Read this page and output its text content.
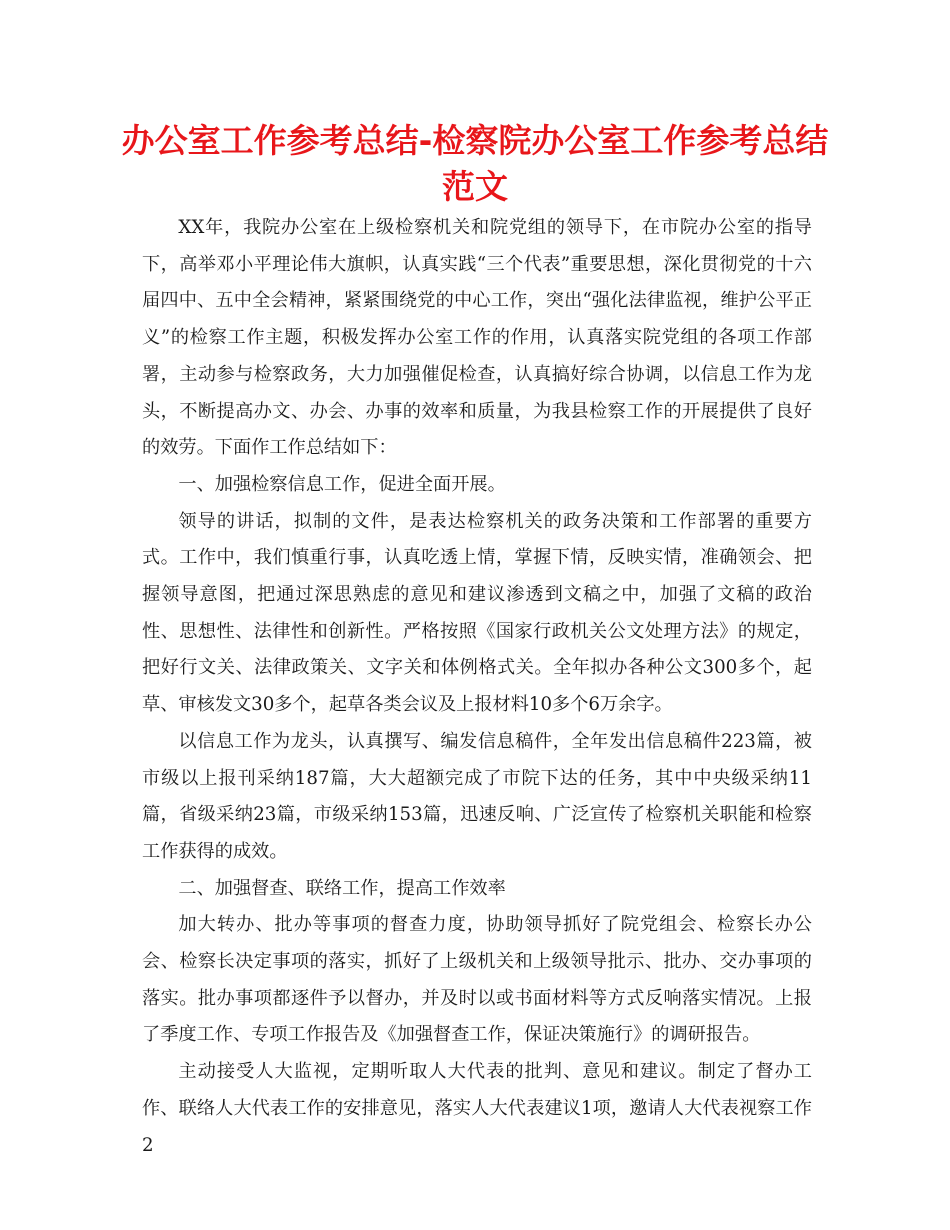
办公室工作参考总结-检察院办公室工作参考总结范文

XX年，我院办公室在上级检察机关和院党组的领导下，在市院办公室的指导下，高举邓小平理论伟大旗帜，认真实践“三个代表”重要思想，深化贯彻党的十六届四中、五中全会精神，紧紧围绕党的中心工作，突出“强化法律监视，维护公平正义”的检察工作主题，积极发挥办公室工作的作用，认真落实院党组的各项工作部署，主动参与检察政务，大力加强催促检查，认真搞好综合协调，以信息工作为龙头，不断提高办文、办会、办事的效率和质量，为我县检察工作的开展提供了良好的效劳。下面作工作总结如下：

一、加强检察信息工作，促进全面开展。

领导的讲话，拟制的文件，是表达检察机关的政务决策和工作部署的重要方式。工作中，我们慎重行事，认真吃透上情，掌握下情，反映实情，准确领会、把握领导意图，把通过深思熟虑的意见和建议渗透到文稿之中，加强了文稿的政治性、思想性、法律性和创新性。严格按照《国家行政机关公文处理方法》的规定，把好行文关、法律政策关、文字关和体例格式关。全年拟办各种公文300多个，起草、审核发文30多个，起草各类会议及上报材料10多个6万余字。

以信息工作为龙头，认真撰写、编发信息稿件，全年发出信息稿件223篇，被市级以上报刊采纳187篇，大大超额完成了市院下达的任务，其中中央级采纳11篇，省级采纳23篇，市级采纳153篇，迅速反响、广泛宣传了检察机关职能和检察工作获得的成效。

二、加强督查、联络工作，提高工作效率

加大转办、批办等事项的督查力度，协助领导抓好了院党组会、检察长办公会、检察长决定事项的落实，抓好了上级机关和上级领导批示、批办、交办事项的落实。批办事项都逐件予以督办，并及时以或书面材料等方式反响落实情况。上报了季度工作、专项工作报告及《加强督查工作，保证决策施行》的调研报告。

主动接受人大监视，定期听取人大代表的批判、意见和建议。制定了督办工作、联络人大代表工作的安排意见，落实人大代表建议1项，邀请人大代表视察工作2
